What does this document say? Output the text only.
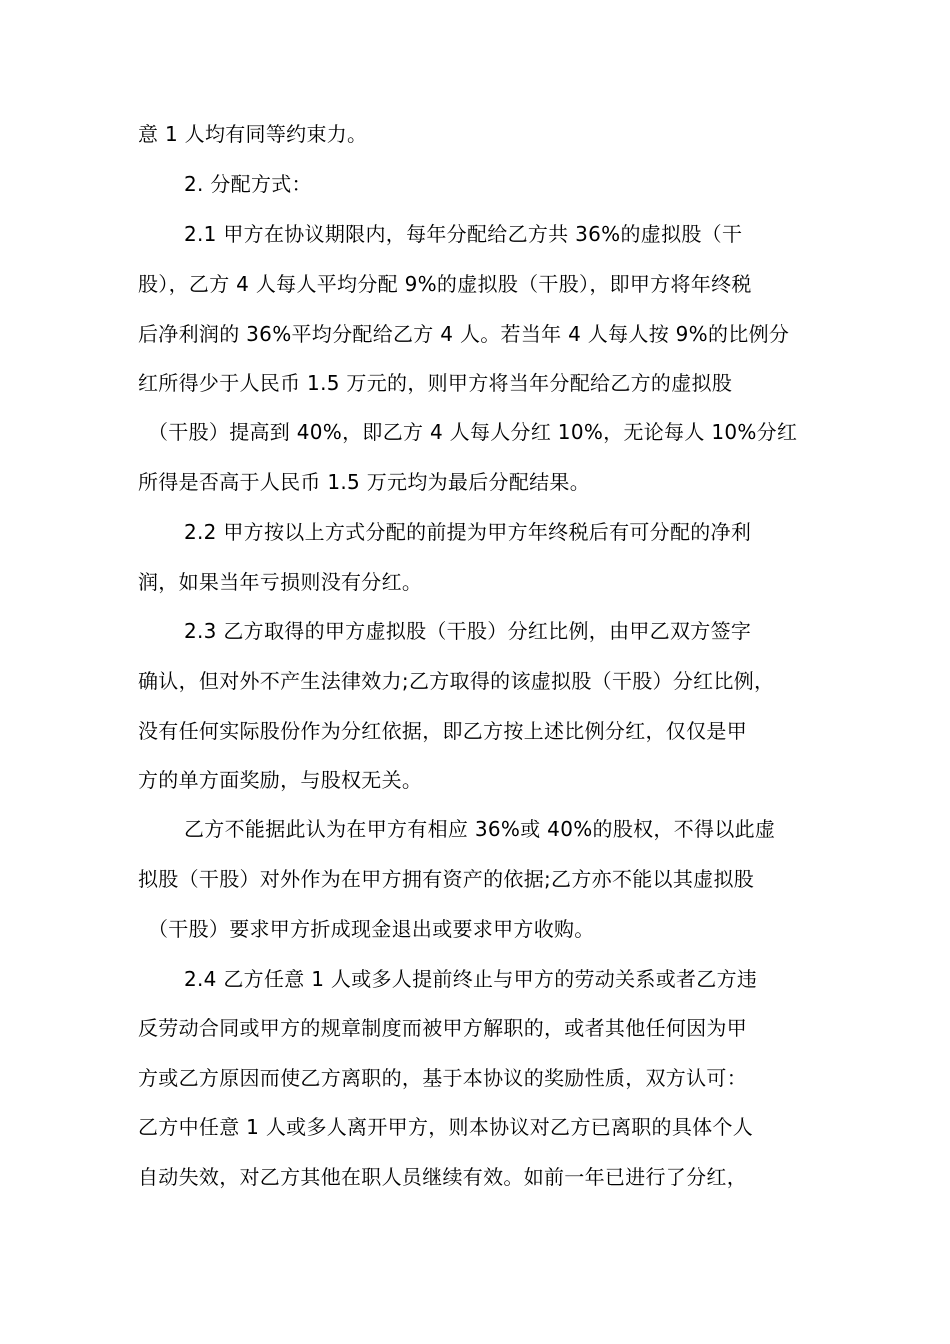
意 1 人均有同等约束力。
2. 分配方式：
2.1 甲方在协议期限内，每年分配给乙方共 36%的虚拟股（干
股），乙方 4 人每人平均分配 9%的虚拟股（干股），即甲方将年终税
后净利润的 36%平均分配给乙方 4 人。若当年 4 人每人按 9%的比例分
红所得少于人民币 1.5 万元的，则甲方将当年分配给乙方的虚拟股
（干股）提高到 40%，即乙方 4 人每人分红 10%，无论每人 10%分红
所得是否高于人民币 1.5 万元均为最后分配结果。
2.2 甲方按以上方式分配的前提为甲方年终税后有可分配的净利
润，如果当年亏损则没有分红。
2.3 乙方取得的甲方虚拟股（干股）分红比例，由甲乙双方签字
确认，但对外不产生法律效力;乙方取得的该虚拟股（干股）分红比例，
没有任何实际股份作为分红依据，即乙方按上述比例分红，仅仅是甲
方的单方面奖励，与股权无关。
乙方不能据此认为在甲方有相应 36%或 40%的股权，不得以此虚
拟股（干股）对外作为在甲方拥有资产的依据;乙方亦不能以其虚拟股
（干股）要求甲方折成现金退出或要求甲方收购。
2.4 乙方任意 1 人或多人提前终止与甲方的劳动关系或者乙方违
反劳动合同或甲方的规章制度而被甲方解职的，或者其他任何因为甲
方或乙方原因而使乙方离职的，基于本协议的奖励性质，双方认可：
乙方中任意 1 人或多人离开甲方，则本协议对乙方已离职的具体个人
自动失效，对乙方其他在职人员继续有效。如前一年已进行了分红，
